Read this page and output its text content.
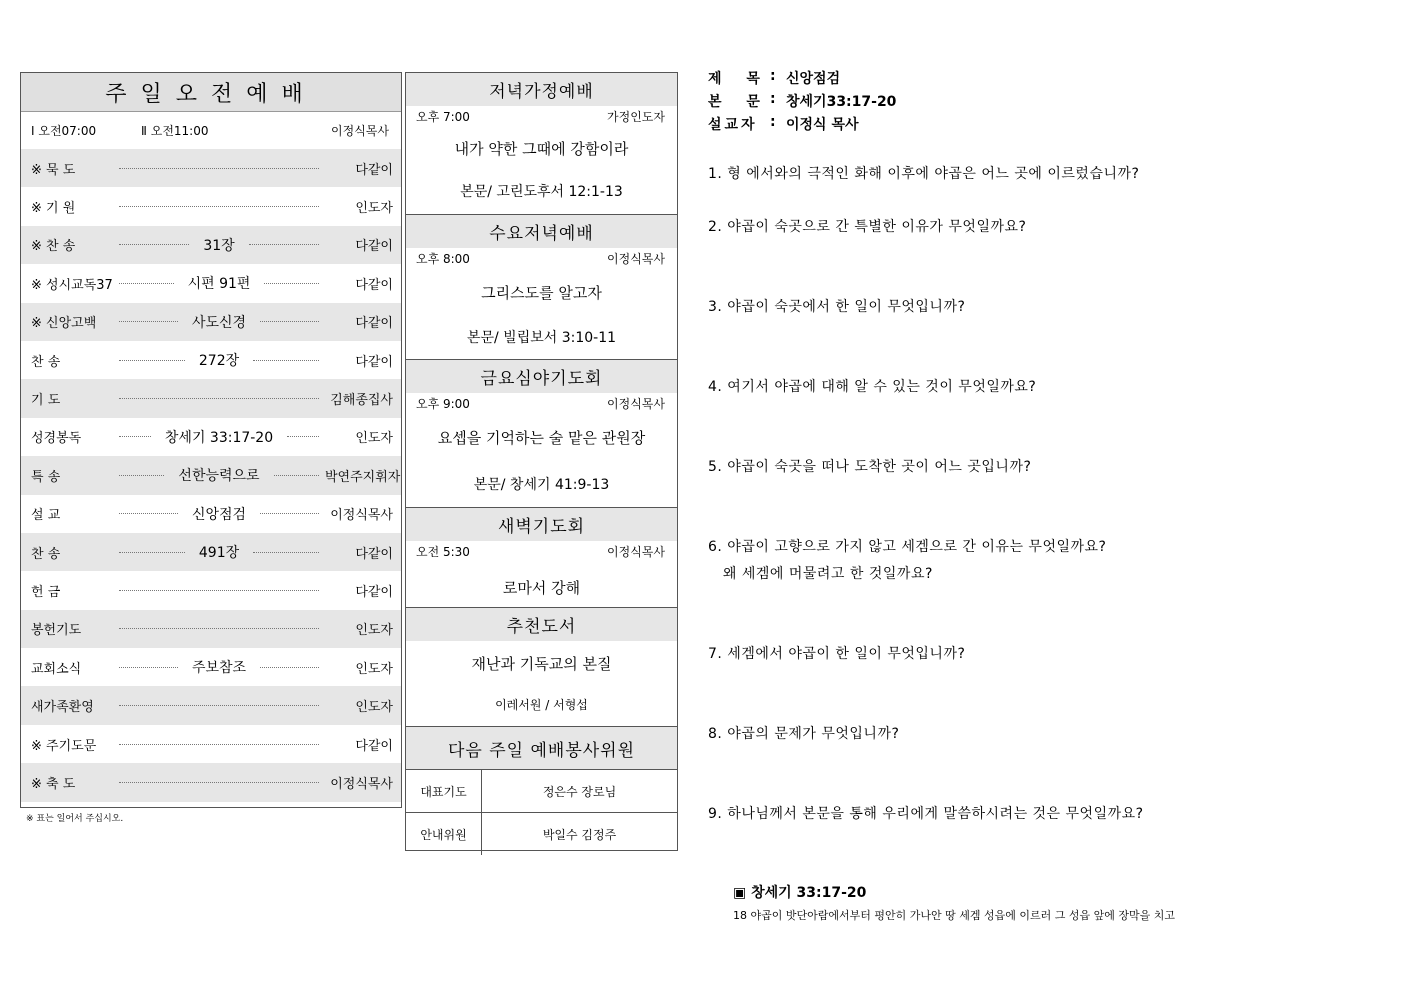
주일오전예배
Ⅰ 오전07:00	Ⅱ 오전11:00	이정식목사
※ 묵 도	다같이
※ 기 원	인도자
※ 찬 송	31장	다같이
※ 성시교독37	시편 91편	다같이
※ 신앙고백	사도신경	다같이
찬 송	272장	다같이
기 도	김해종집사
성경봉독	창세기 33:17-20	인도자
특 송	선한능력으로	박연주지휘자
설 교	신앙점검	이정식목사
찬 송	491장	다같이
헌 금	다같이
봉헌기도	인도자
교회소식	주보참조	인도자
새가족환영	인도자
※ 주기도문	다같이
※ 축 도	이정식목사
※ 표는 일어서 주십시오.
저녁가정예배
오후 7:00	가정인도자
내가 약한 그때에 강함이라
본문/ 고린도후서 12:1-13
수요저녁예배
오후 8:00	이정식목사
그리스도를 알고자
본문/ 빌립보서 3:10-11
금요심야기도회
오후 9:00	이정식목사
요셉을 기억하는 술 맡은 관원장
본문/ 창세기 41:9-13
새벽기도회
오전 5:30	이정식목사
로마서 강해
추천도서
재난과 기독교의 본질
이레서원 / 서형섭
다음 주일 예배봉사위원
대표기도	정은수 장로님
안내위원	박일수 김정주
제 목 : 신앙점검
본 문 : 창세기33:17-20
설교자 : 이정식 목사
1. 형 에서와의 극적인 화해 이후에 야곱은 어느 곳에 이르렀습니까?
2. 야곱이 숙곳으로 간 특별한 이유가 무엇일까요?
3. 야곱이 숙곳에서 한 일이 무엇입니까?
4. 여기서 야곱에 대해 알 수 있는 것이 무엇일까요?
5. 야곱이 숙곳을 떠나 도착한 곳이 어느 곳입니까?
6. 야곱이 고향으로 가지 않고 세겜으로 간 이유는 무엇일까요?
왜 세겜에 머물려고 한 것일까요?
7. 세겜에서 야곱이 한 일이 무엇입니까?
8. 야곱의 문제가 무엇입니까?
9. 하나님께서 본문을 통해 우리에게 말씀하시려는 것은 무엇일까요?
▣ 창세기 33:17-20
18 야곱이 밧단아람에서부터 평안히 가나안 땅 세겜 성읍에 이르러 그 성읍 앞에 장막을 치고
